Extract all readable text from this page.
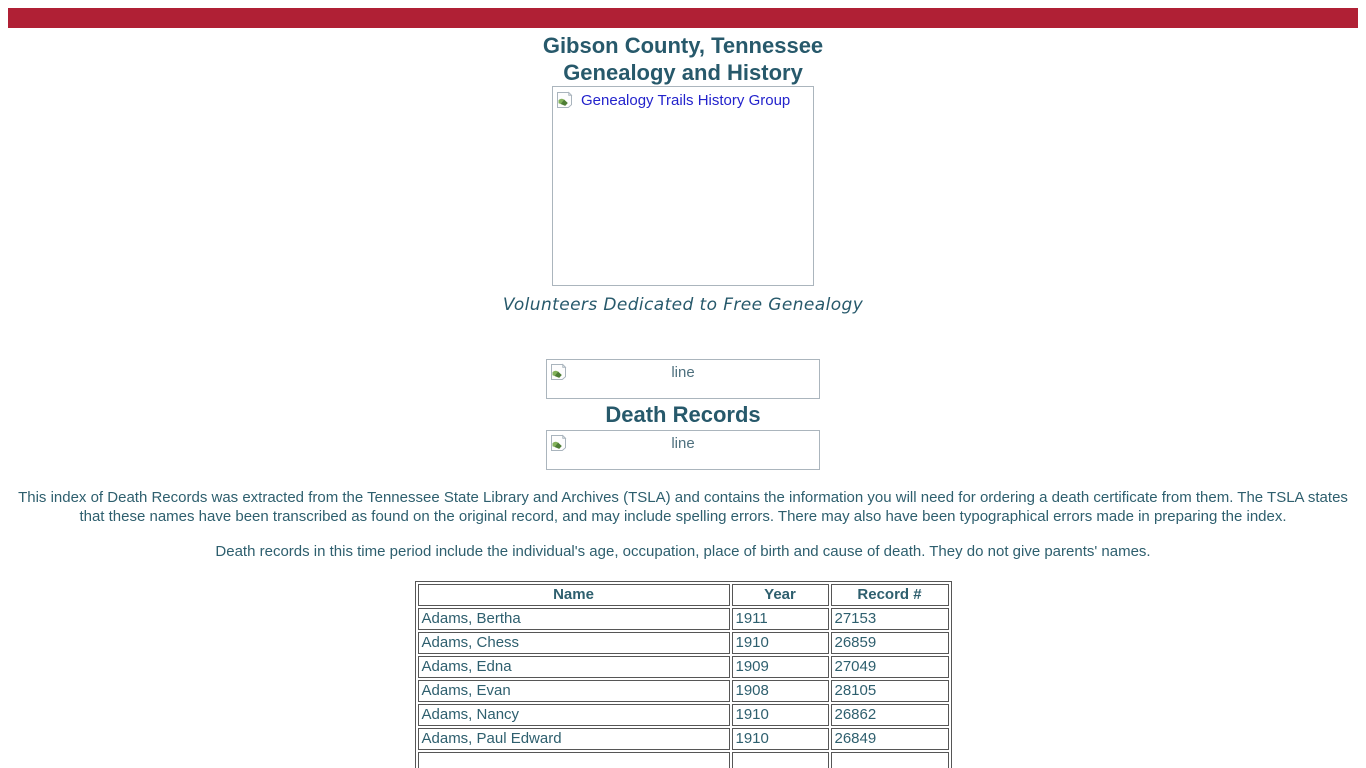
Gibson County, Tennessee
Genealogy and History
Genealogy Trails History Group
Volunteers Dedicated to Free Genealogy
line
Death Records
line

This index of Death Records was extracted from the Tennessee State Library and Archives (TSLA) and contains the information you will need for ordering a death certificate from them. The TSLA states that these names have been transcribed as found on the original record, and may include spelling errors. There may also have been typographical errors made in preparing the index.

Death records in this time period include the individual's age, occupation, place of birth and cause of death. They do not give parents' names.

Name	Year	Record #
Adams, Bertha	1911	27153
Adams, Chess	1910	26859
Adams, Edna	1909	27049
Adams, Evan	1908	28105
Adams, Nancy	1910	26862
Adams, Paul Edward	1910	26849
